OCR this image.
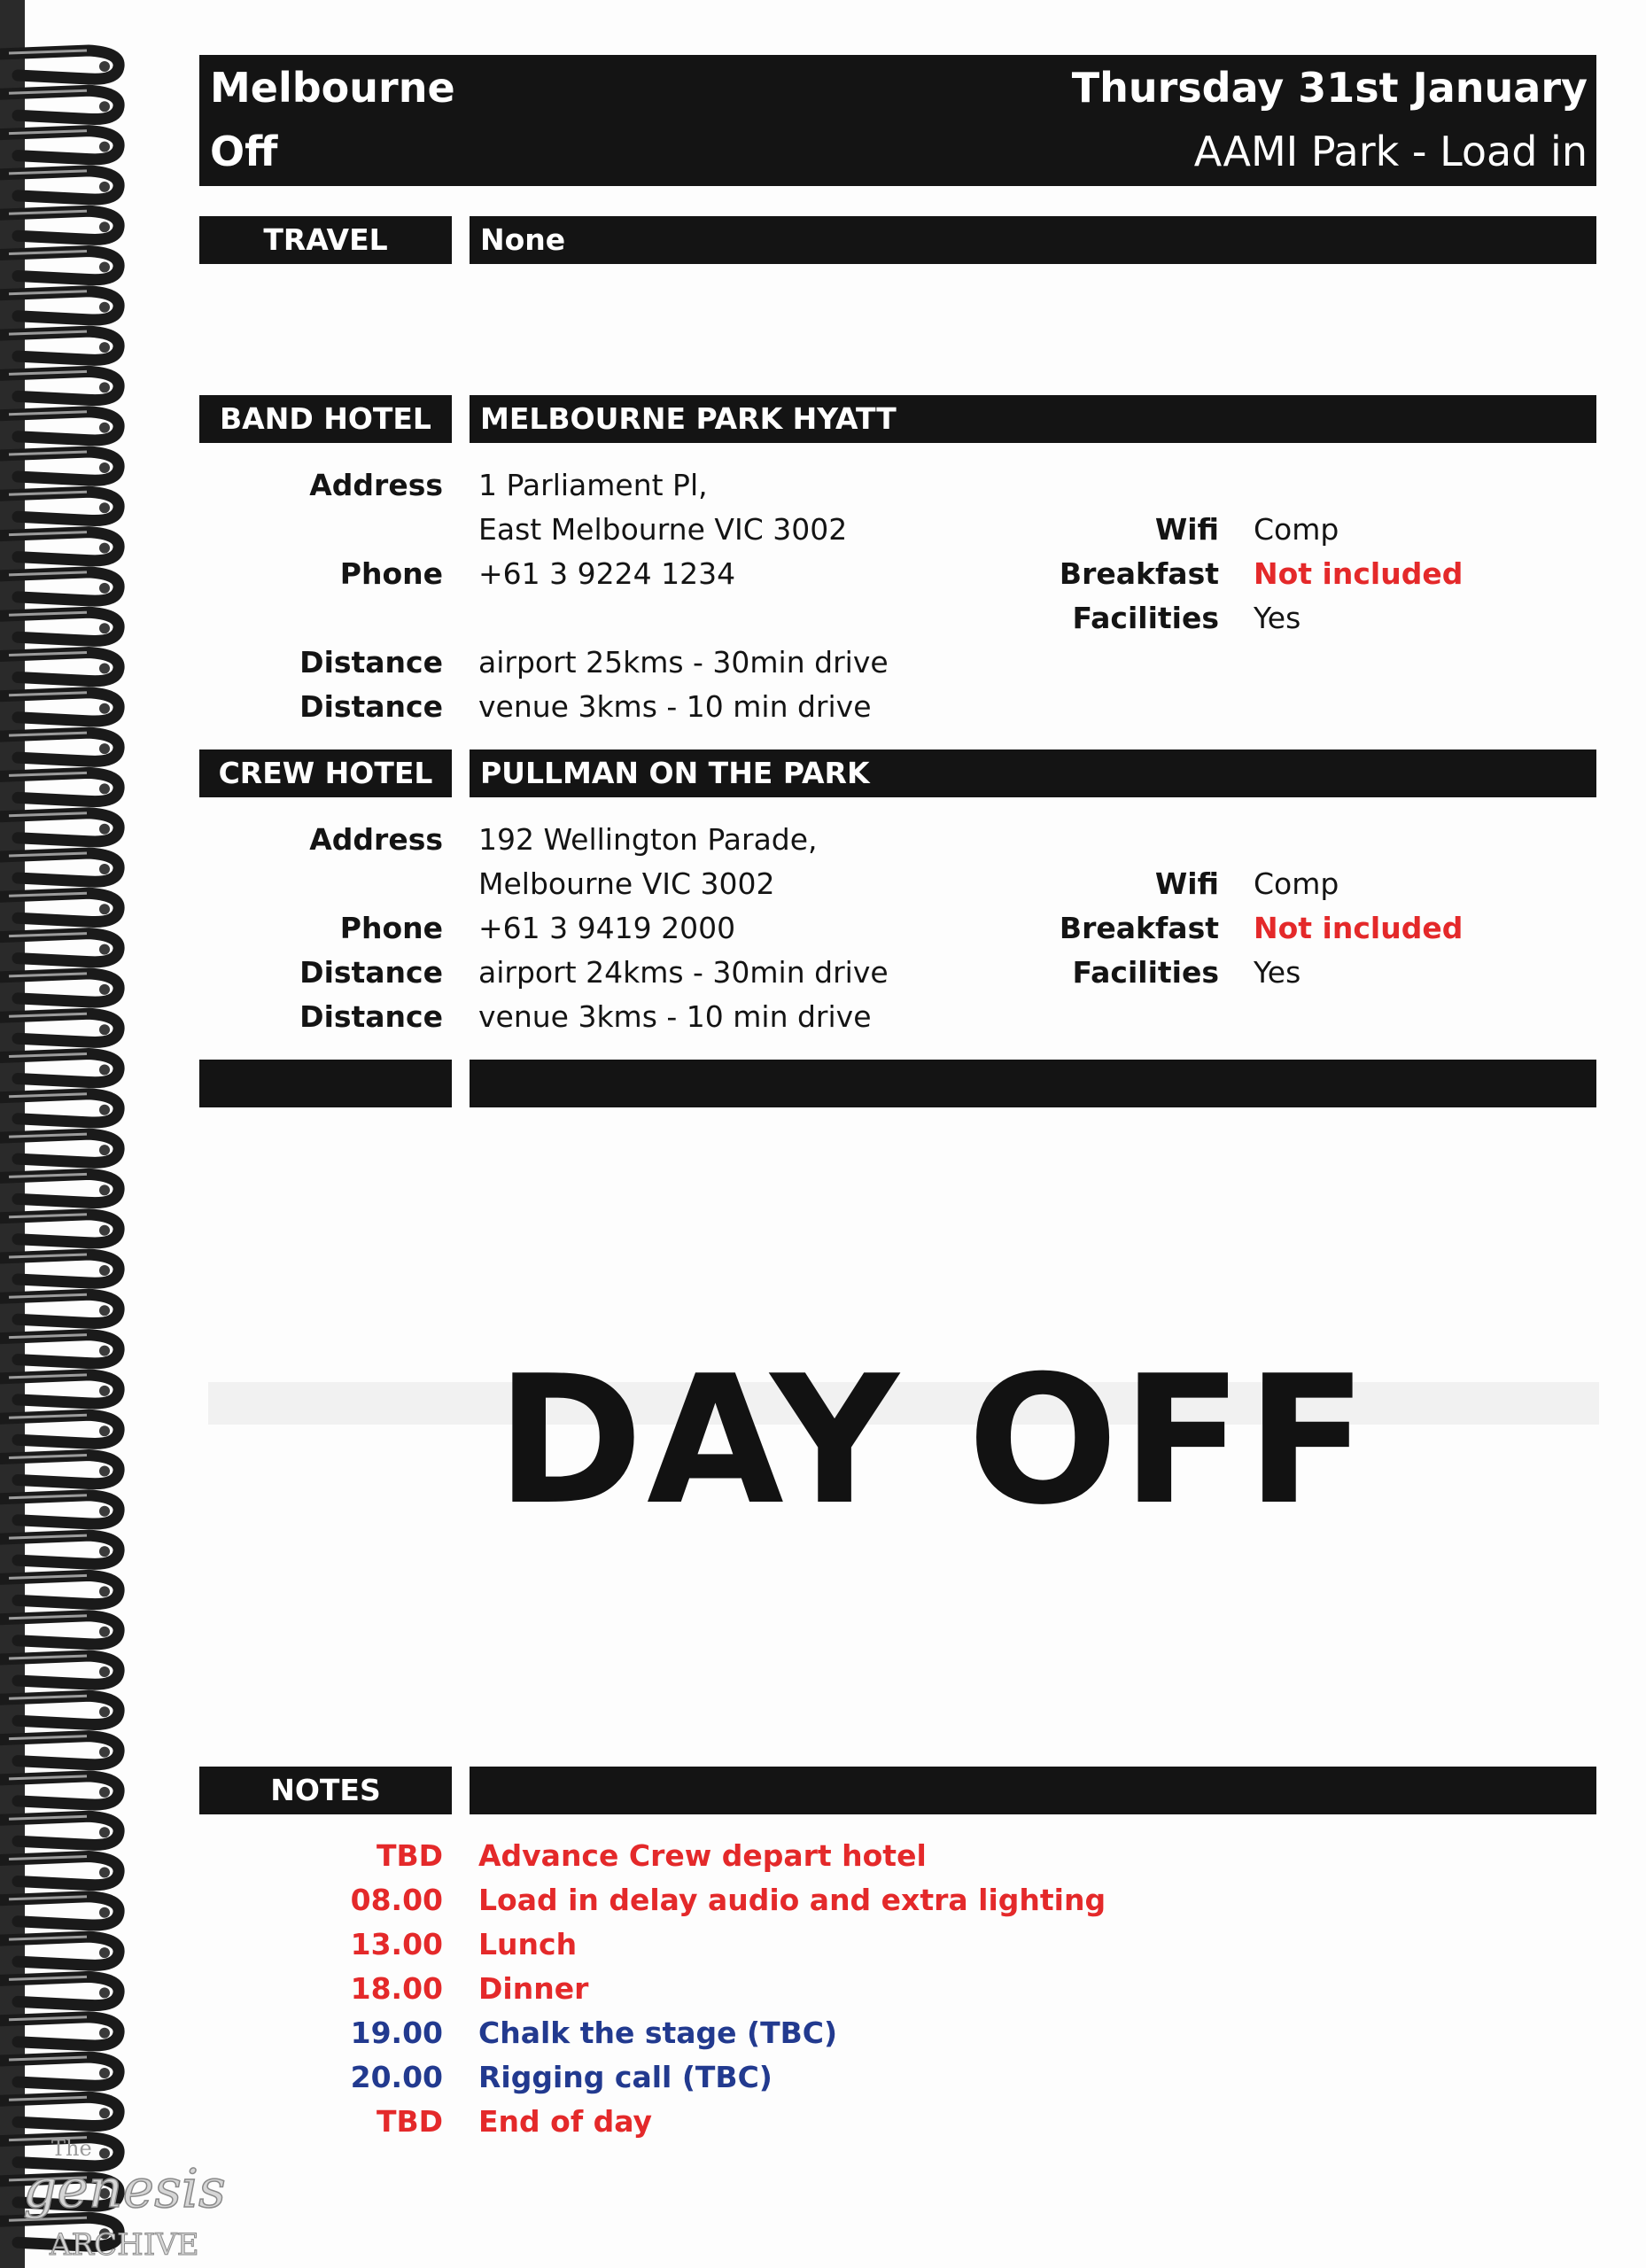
Melbourne
Off
Thursday 31st January
AAMI Park - Load in
TRAVEL	None
BAND HOTEL	MELBOURNE PARK HYATT
Address 1 Parliament Pl,
East Melbourne VIC 3002
Phone +61 3 9224 1234
Distance airport 25kms - 30min drive
Distance venue 3kms - 10 min drive
Wifi Comp
Breakfast Not included
Facilities Yes
CREW HOTEL	PULLMAN ON THE PARK
Address 192 Wellington Parade,
Melbourne VIC 3002
Phone +61 3 9419 2000
Distance airport 24kms - 30min drive
Distance venue 3kms - 10 min drive
Wifi Comp
Breakfast Not included
Facilities Yes
DAY OFF
NOTES
TBD Advance Crew depart hotel
08.00 Load in delay audio and extra lighting
13.00 Lunch
18.00 Dinner
19.00 Chalk the stage (TBC)
20.00 Rigging call (TBC)
TBD End of day
The
genesis
ARCHIVE
